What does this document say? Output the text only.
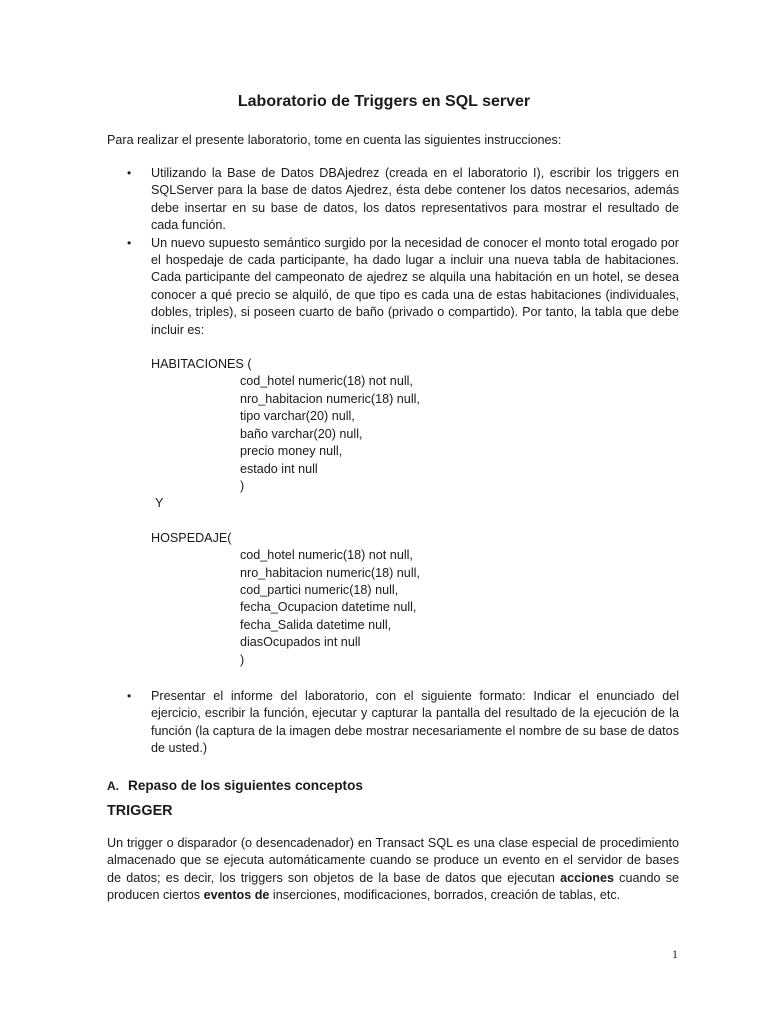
Laboratorio de Triggers en SQL server
Para realizar el presente laboratorio, tome en cuenta las siguientes instrucciones:
• Utilizando la Base de Datos DBAjedrez (creada en el laboratorio I), escribir los triggers en SQLServer para la base de datos Ajedrez, ésta debe contener los datos necesarios, además debe insertar en su base de datos, los datos representativos para mostrar el resultado de cada función.
• Un nuevo supuesto semántico surgido por la necesidad de conocer el monto total erogado por el hospedaje de cada participante, ha dado lugar a incluir una nueva tabla de habitaciones. Cada participante del campeonato de ajedrez se alquila una habitación en un hotel, se desea conocer a qué precio se alquiló, de que tipo es cada una de estas habitaciones (individuales, dobles, triples), si poseen cuarto de baño (privado o compartido). Por tanto, la tabla que debe incluir es:
HABITACIONES (
cod_hotel numeric(18) not null,
nro_habitacion numeric(18) null,
tipo varchar(20) null,
baño varchar(20) null,
precio money null,
estado int null
)
Y
HOSPEDAJE(
cod_hotel numeric(18) not null,
nro_habitacion numeric(18) null,
cod_partici numeric(18) null,
fecha_Ocupacion datetime null,
fecha_Salida datetime null,
diasOcupados int null
)
• Presentar el informe del laboratorio, con el siguiente formato: Indicar el enunciado del ejercicio, escribir la función, ejecutar y capturar la pantalla del resultado de la ejecución de la función (la captura de la imagen debe mostrar necesariamente el nombre de su base de datos de usted.)
A. Repaso de los siguientes conceptos
TRIGGER
Un trigger o disparador (o desencadenador) en Transact SQL es una clase especial de procedimiento almacenado que se ejecuta automáticamente cuando se produce un evento en el servidor de bases de datos; es decir, los triggers son objetos de la base de datos que ejecutan acciones cuando se producen ciertos eventos de inserciones, modificaciones, borrados, creación de tablas, etc.
1
